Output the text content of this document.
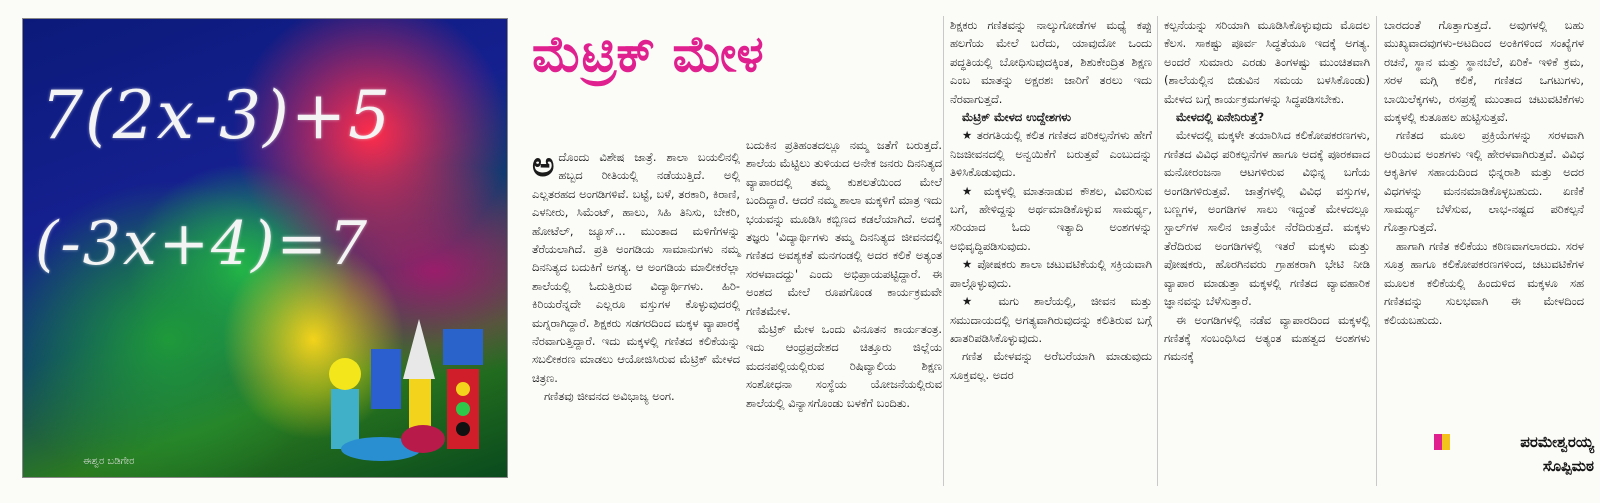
7(2x-3)+5
(-3x+4)=7
ಈಶ್ವರ ಬಡಿಗೇರ
ಮೆಟ್ರಿಕ್ ಮೇಳ

ಅ ದೊಂದು ವಿಶೇಷ ಜಾತ್ರೆ. ಶಾಲಾ ಬಯಲಿನಲ್ಲಿ ಹಬ್ಬದ ರೀತಿಯಲ್ಲಿ ನಡೆಯುತ್ತಿದೆ. ಅಲ್ಲಿ ಎಲ್ಲತರಹದ ಅಂಗಡಿಗಳಿವೆ. ಬಟ್ಟೆ, ಬಳೆ, ತರಕಾರಿ, ಕಿರಾಣಿ, ಎಳನೀರು, ಸಿಮೆಂಟ್, ಹಾಲು, ಸಿಹಿ ತಿನಿಸು, ಬೇಕರಿ, ಹೋಟೆಲ್, ಜ್ಯೂಸ್... ಮುಂತಾದ ಮಳಿಗೆಗಳನ್ನು ತೆರೆಯಲಾಗಿದೆ. ಪ್ರತಿ ಅಂಗಡಿಯ ಸಾಮಾನುಗಳು ನಮ್ಮ ದಿನನಿತ್ಯದ ಬದುಕಿಗೆ ಅಗತ್ಯ. ಆ ಅಂಗಡಿಯ ಮಾಲೀಕರೆಲ್ಲಾ ಶಾಲೆಯಲ್ಲಿ ಓದುತ್ತಿರುವ ವಿದ್ಯಾರ್ಥಿಗಳು. ಹಿರಿ-ಕಿರಿಯರೆನ್ನದೇ ಎಲ್ಲರೂ ವಸ್ತುಗಳ ಕೊಳ್ಳುವುದರಲ್ಲಿ ಮಗ್ನರಾಗಿದ್ದಾರೆ. ಶಿಕ್ಷಕರು ಸಡಗರದಿಂದ ಮಕ್ಕಳ ವ್ಯಾಪಾರಕ್ಕೆ ನೆರವಾಗುತ್ತಿದ್ದಾರೆ. ಇದು ಮಕ್ಕಳಲ್ಲಿ ಗಣಿತದ ಕಲಿಕೆಯನ್ನು ಸಬಲೀಕರಣ ಮಾಡಲು ಆಯೋಜಿಸಿರುವ ಮೆಟ್ರಿಕ್ ಮೇಳದ ಚಿತ್ರಣ.

ಗಣಿತವು ಜೀವನದ ಅವಿಭಾಜ್ಯ ಅಂಗ.

ಬದುಕಿನ ಪ್ರತಿಹಂತದಲ್ಲೂ ನಮ್ಮ ಜತೆಗೆ ಬರುತ್ತದೆ. ಶಾಲೆಯ ಮೆಟ್ಟಿಲು ತುಳಿಯದ ಅನೇಕ ಜನರು ದಿನನಿತ್ಯದ ವ್ಯಾಪಾರದಲ್ಲಿ ತಮ್ಮ ಕುಶಲತೆಯಿಂದ ಮೇಲೆ ಬಂದಿದ್ದಾರೆ. ಆದರೆ ನಮ್ಮ ಶಾಲಾ ಮಕ್ಕಳಿಗೆ ಮಾತ್ರ ಇದು ಭಯವನ್ನು ಮೂಡಿಸಿ ಕಬ್ಬಿಣದ ಕಡಲೆಯಾಗಿದೆ. ಅದಕ್ಕೆ ತಜ್ಞರು 'ವಿದ್ಯಾರ್ಥಿಗಳು ತಮ್ಮ ದಿನನಿತ್ಯದ ಜೀವನದಲ್ಲಿ ಗಣಿತದ ಅವಶ್ಯಕತೆ ಮನಗಂಡಲ್ಲಿ ಅದರ ಕಲಿಕೆ ಅತ್ಯಂತ ಸರಳವಾದದ್ದು' ಎಂದು ಅಭಿಪ್ರಾಯಪಟ್ಟಿದ್ದಾರೆ. ಈ ಅಂಶದ ಮೇಲೆ ರೂಪಗೊಂಡ ಕಾರ್ಯಕ್ರಮವೇ ಗಣಿತಮೇಳ.

ಮೆಟ್ರಿಕ್ ಮೇಳ ಒಂದು ವಿನೂತನ ಕಾರ್ಯತಂತ್ರ. ಇದು ಆಂಧ್ರಪ್ರದೇಶದ ಚಿತ್ತೂರು ಜಿಲ್ಲೆಯ ಮದನಪಲ್ಲಿಯಲ್ಲಿರುವ ರಿಷಿವ್ಯಾಲಿಯ ಶಿಕ್ಷಣ ಸಂಶೋಧನಾ ಸಂಸ್ಥೆಯ ಯೋಜನೆಯಲ್ಲಿರುವ ಶಾಲೆಯಲ್ಲಿ ವಿನ್ಯಾಸಗೊಂಡು ಬಳಕೆಗೆ ಬಂದಿತು.

ಶಿಕ್ಷಕರು ಗಣಿತವನ್ನು ನಾಲ್ಕುಗೋಡೆಗಳ ಮಧ್ಯೆ ಕಪ್ಪು ಹಲಗೆಯ ಮೇಲೆ ಬರೆದು, ಯಾವುದೋ ಒಂದು ಪದ್ಧತಿಯಲ್ಲಿ ಬೋಧಿಸುವುದಕ್ಕಿಂತ, ಶಿಶುಕೇಂದ್ರಿತ ಶಿಕ್ಷಣ ಎಂಬ ಮಾತನ್ನು ಅಕ್ಷರಶಃ ಜಾರಿಗೆ ತರಲು ಇದು ನೆರವಾಗುತ್ತದೆ.

ಮೆಟ್ರಿಕ್ ಮೇಳದ ಉದ್ದೇಶಗಳು

★ ತರಗತಿಯಲ್ಲಿ ಕಲಿತ ಗಣಿತದ ಪರಿಕಲ್ಪನೆಗಳು ಹೇಗೆ ನಿಜಜೀವನದಲ್ಲಿ ಅನ್ವಯಿಕೆಗೆ ಬರುತ್ತವೆ ಎಂಬುದನ್ನು ತಿಳಿಸಿಕೊಡುವುದು.

★ ಮಕ್ಕಳಲ್ಲಿ ಮಾತನಾಡುವ ಕೌಶಲ, ವಿವರಿಸುವ ಬಗೆ, ಹೇಳಿದ್ದನ್ನು ಅರ್ಥಮಾಡಿಕೊಳ್ಳುವ ಸಾಮರ್ಥ್ಯ, ಸರಿಯಾದ ಓದು ಇತ್ಯಾದಿ ಅಂಶಗಳನ್ನು ಅಭಿವೃದ್ಧಿಪಡಿಸುವುದು.

★ ಪೋಷಕರು ಶಾಲಾ ಚಟುವಟಿಕೆಯಲ್ಲಿ ಸಕ್ರಿಯವಾಗಿ ಪಾಲ್ಗೊಳ್ಳುವುದು.

★ ಮಗು ಶಾಲೆಯಲ್ಲಿ, ಜೀವನ ಮತ್ತು ಸಮುದಾಯದಲ್ಲಿ ಅಗತ್ಯವಾಗಿರುವುದನ್ನು ಕಲಿತಿರುವ ಬಗ್ಗೆ ಖಾತರಿಪಡಿಸಿಕೊಳ್ಳುವುದು.

ಗಣಿತ ಮೇಳವನ್ನು ಅರೆಬರೆಯಾಗಿ ಮಾಡುವುದು ಸೂಕ್ತವಲ್ಲ. ಅದರ

ಕಲ್ಪನೆಯನ್ನು ಸರಿಯಾಗಿ ಮೂಡಿಸಿಕೊಳ್ಳುವುದು ಮೊದಲ ಕೆಲಸ. ಸಾಕಷ್ಟು ಪೂರ್ವ ಸಿದ್ಧತೆಯೂ ಇದಕ್ಕೆ ಅಗತ್ಯ. ಅಂದರೆ ಸುಮಾರು ಎರಡು ತಿಂಗಳಷ್ಟು ಮುಂಚಿತವಾಗಿ (ಶಾಲೆಯಲ್ಲಿನ ಬಿಡುವಿನ ಸಮಯ ಬಳಸಿಕೊಂಡು) ಮೇಳದ ಬಗ್ಗೆ ಕಾರ್ಯಕ್ರಮಗಳನ್ನು ಸಿದ್ಧಪಡಿಸಬೇಕು.

ಮೇಳದಲ್ಲಿ ಏನೇನಿರುತ್ತೆ?

ಮೇಳದಲ್ಲಿ ಮಕ್ಕಳೇ ತಯಾರಿಸಿದ ಕಲಿಕೋಪಕರಣಗಳು, ಗಣಿತದ ವಿವಿಧ ಪರಿಕಲ್ಪನೆಗಳ ಹಾಗೂ ಅದಕ್ಕೆ ಪೂರಕವಾದ ಮನೋರಂಜನಾ ಆಟಗಳಿರುವ ವಿಭಿನ್ನ ಬಗೆಯ ಅಂಗಡಿಗಳಿರುತ್ತವೆ. ಜಾತ್ರೆಗಳಲ್ಲಿ ವಿವಿಧ ವಸ್ತುಗಳ, ಬಣ್ಣಗಳ, ಅಂಗಡಿಗಳ ಸಾಲು ಇದ್ದಂತೆ ಮೇಳದಲ್ಲೂ ಸ್ಟಾಲ್‌ಗಳ ಸಾಲಿನ ಜಾತ್ರೆಯೇ ನೆರೆದಿರುತ್ತದೆ. ಮಕ್ಕಳು ತೆರೆದಿರುವ ಅಂಗಡಿಗಳಲ್ಲಿ ಇತರೆ ಮಕ್ಕಳು ಮತ್ತು ಪೋಷಕರು, ಹೊರಗಿನವರು ಗ್ರಾಹಕರಾಗಿ ಭೇಟಿ ನೀಡಿ ವ್ಯಾಪಾರ ಮಾಡುತ್ತಾ ಮಕ್ಕಳಲ್ಲಿ ಗಣಿತದ ವ್ಯಾವಹಾರಿಕ ಜ್ಞಾನವನ್ನು ಬೆಳೆಸುತ್ತಾರೆ.

ಈ ಅಂಗಡಿಗಳಲ್ಲಿ ನಡೆವ ವ್ಯಾಪಾರದಿಂದ ಮಕ್ಕಳಲ್ಲಿ ಗಣಿತಕ್ಕೆ ಸಂಬಂಧಿಸಿದ ಅತ್ಯಂತ ಮಹತ್ವದ ಅಂಶಗಳು ಗಮನಕ್ಕೆ

ಬಾರದಂತೆ ಗೊತ್ತಾಗುತ್ತದೆ. ಅವುಗಳಲ್ಲಿ ಬಹು ಮುಖ್ಯವಾದವುಗಳು-ಅಟದಿಂದ ಅಂಕಿಗಳಿಂದ ಸಂಖ್ಯೆಗಳ ರಚನೆ, ಸ್ಥಾನ ಮತ್ತು ಸ್ಥಾನಬೆಲೆ, ಏರಿಕೆ- ಇಳಿಕೆ ಕ್ರಮ, ಸರಳ ಮಗ್ಗಿ ಕಲಿಕೆ, ಗಣಿತದ ಒಗಟುಗಳು, ಬಾಯಿಲೆಕ್ಕಗಳು, ರಸಪ್ರಶ್ನೆ ಮುಂತಾದ ಚಟುವಟಿಕೆಗಳು ಮಕ್ಕಳಲ್ಲಿ ಕುತೂಹಲ ಹುಟ್ಟಿಸುತ್ತವೆ.

ಗಣಿತದ ಮೂಲ ಪ್ರಕ್ರಿಯೆಗಳನ್ನು ಸರಳವಾಗಿ ಅರಿಯುವ ಅಂಶಗಳು ಇಲ್ಲಿ ಹೇರಳವಾಗಿರುತ್ತವೆ. ವಿವಿಧ ಆಕೃತಿಗಳ ಸಹಾಯದಿಂದ ಭಿನ್ನರಾಶಿ ಮತ್ತು ಅದರ ವಿಧಗಳನ್ನು ಮನನಮಾಡಿಕೊಳ್ಳಬಹುದು. ಏಣಿಕೆ ಸಾಮರ್ಥ್ಯ ಬೆಳೆಸುವ, ಲಾಭ-ನಷ್ಟದ ಪರಿಕಲ್ಪನೆ ಗೊತ್ತಾಗುತ್ತದೆ.

ಹಾಗಾಗಿ ಗಣಿತ ಕಲಿಕೆಯು ಕಠಿಣವಾಗಲಾರದು. ಸರಳ ಸೂತ್ರ ಹಾಗೂ ಕಲಿಕೋಪಕರಣಗಳಿಂದ, ಚಟುವಟಿಕೆಗಳ ಮೂಲಕ ಕಲಿಕೆಯಲ್ಲಿ ಹಿಂದುಳಿದ ಮಕ್ಕಳೂ ಸಹ ಗಣಿತವನ್ನು ಸುಲಭವಾಗಿ ಈ ಮೇಳದಿಂದ ಕಲಿಯಬಹುದು.

ಪರಮೇಶ್ವರಯ್ಯ
ಸೊಪ್ಪಿಮಠ
